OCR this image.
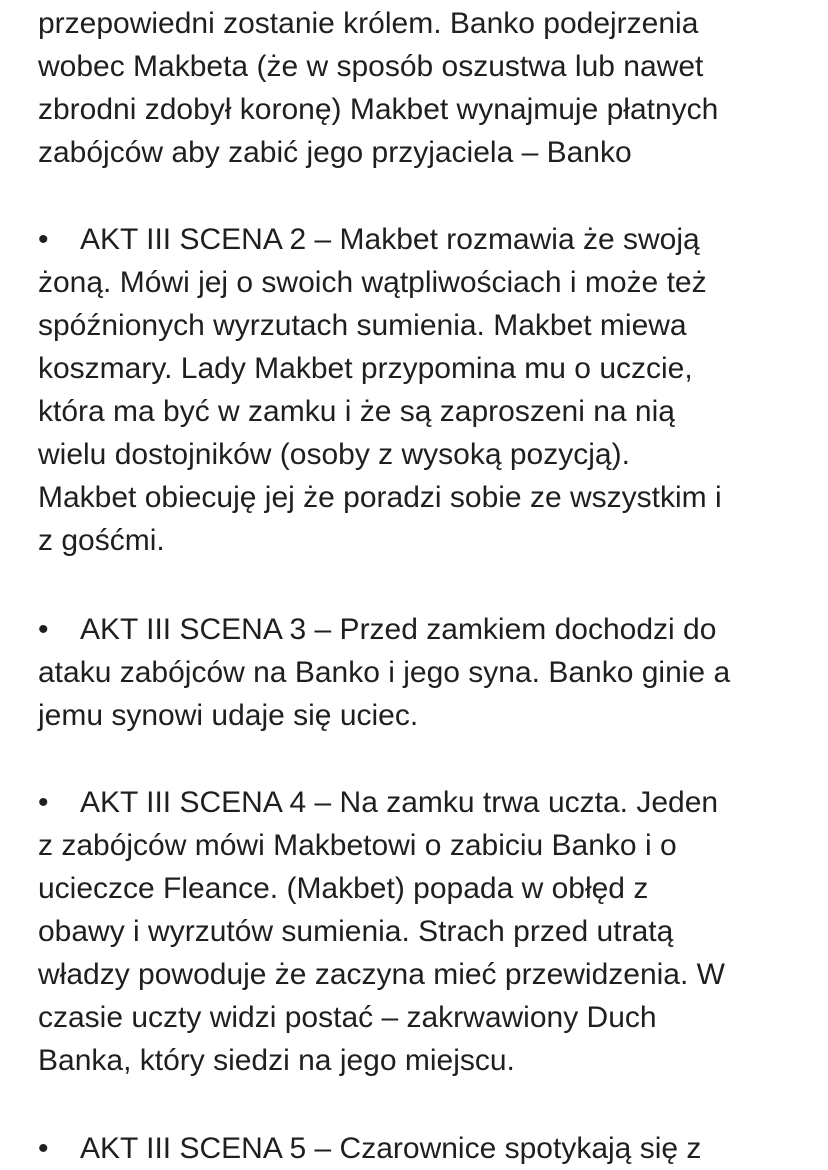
przepowiedni zostanie królem. Banko podejrzenia
wobec Makbeta (że w sposób oszustwa lub nawet
zbrodni zdobył koronę) Makbet wynajmuje płatnych
zabójców aby zabić jego przyjaciela – Banko
• AKT III SCENA 2 – Makbet rozmawia że swoją
żoną. Mówi jej o swoich wątpliwościach i może też
spóźnionych wyrzutach sumienia. Makbet miewa
koszmary. Lady Makbet przypomina mu o uczcie,
która ma być w zamku i że są zaproszeni na nią
wielu dostojników (osoby z wysoką pozycją).
Makbet obiecuję jej że poradzi sobie ze wszystkim i
z gośćmi.
• AKT III SCENA 3 – Przed zamkiem dochodzi do
ataku zabójców na Banko i jego syna. Banko ginie a
jemu synowi udaje się uciec.
• AKT III SCENA 4 – Na zamku trwa uczta. Jeden
z zabójców mówi Makbetowi o zabiciu Banko i o
ucieczce Fleance. (Makbet) popada w obłęd z
obawy i wyrzutów sumienia. Strach przed utratą
władzy powoduje że zaczyna mieć przewidzenia. W
czasie uczty widzi postać – zakrwawiony Duch
Banka, który siedzi na jego miejscu.
• AKT III SCENA 5 – Czarownice spotykają się z
